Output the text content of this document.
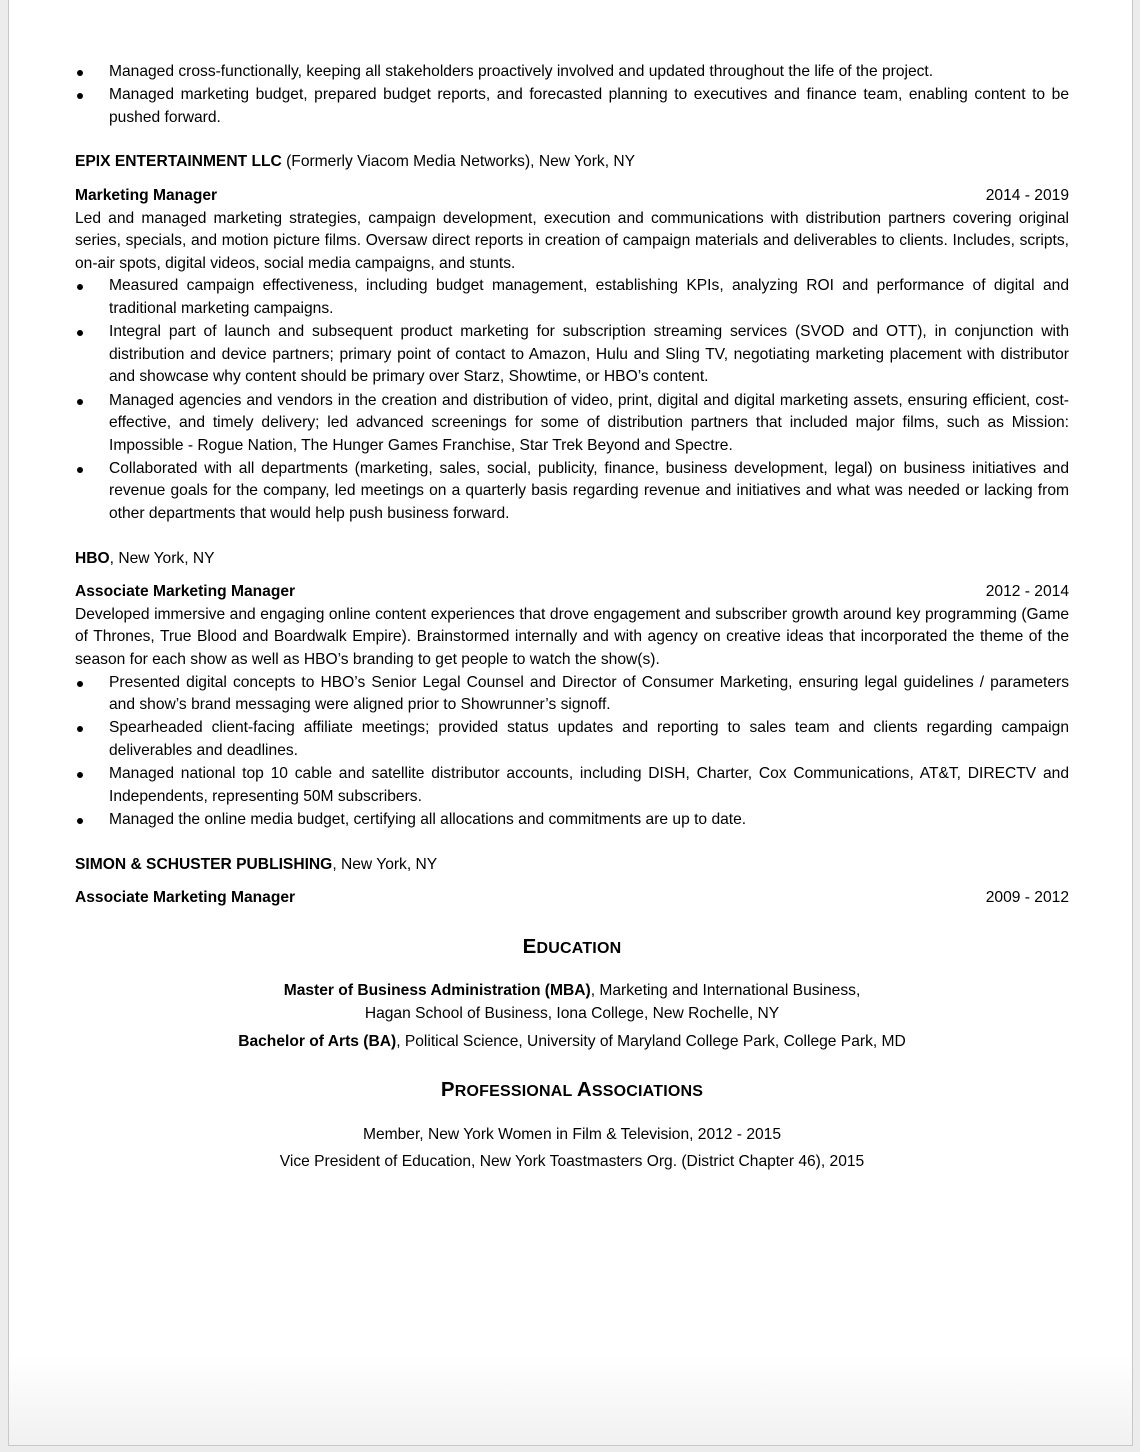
Managed cross-functionally, keeping all stakeholders proactively involved and updated throughout the life of the project.
Managed marketing budget, prepared budget reports, and forecasted planning to executives and finance team, enabling content to be pushed forward.
EPIX ENTERTAINMENT LLC (Formerly Viacom Media Networks), New York, NY
Marketing Manager	2014 - 2019
Led and managed marketing strategies, campaign development, execution and communications with distribution partners covering original series, specials, and motion picture films. Oversaw direct reports in creation of campaign materials and deliverables to clients. Includes, scripts, on-air spots, digital videos, social media campaigns, and stunts.
Measured campaign effectiveness, including budget management, establishing KPIs, analyzing ROI and performance of digital and traditional marketing campaigns.
Integral part of launch and subsequent product marketing for subscription streaming services (SVOD and OTT), in conjunction with distribution and device partners; primary point of contact to Amazon, Hulu and Sling TV, negotiating marketing placement with distributor and showcase why content should be primary over Starz, Showtime, or HBO’s content.
Managed agencies and vendors in the creation and distribution of video, print, digital and digital marketing assets, ensuring efficient, cost-effective, and timely delivery; led advanced screenings for some of distribution partners that included major films, such as Mission: Impossible - Rogue Nation, The Hunger Games Franchise, Star Trek Beyond and Spectre.
Collaborated with all departments (marketing, sales, social, publicity, finance, business development, legal) on business initiatives and revenue goals for the company, led meetings on a quarterly basis regarding revenue and initiatives and what was needed or lacking from other departments that would help push business forward.
HBO, New York, NY
Associate Marketing Manager	2012 - 2014
Developed immersive and engaging online content experiences that drove engagement and subscriber growth around key programming (Game of Thrones, True Blood and Boardwalk Empire). Brainstormed internally and with agency on creative ideas that incorporated the theme of the season for each show as well as HBO’s branding to get people to watch the show(s).
Presented digital concepts to HBO’s Senior Legal Counsel and Director of Consumer Marketing, ensuring legal guidelines / parameters and show’s brand messaging were aligned prior to Showrunner’s signoff.
Spearheaded client-facing affiliate meetings; provided status updates and reporting to sales team and clients regarding campaign deliverables and deadlines.
Managed national top 10 cable and satellite distributor accounts, including DISH, Charter, Cox Communications, AT&T, DIRECTV and Independents, representing 50M subscribers.
Managed the online media budget, certifying all allocations and commitments are up to date.
SIMON & SCHUSTER PUBLISHING, New York, NY
Associate Marketing Manager	2009 - 2012
EDUCATION
Master of Business Administration (MBA), Marketing and International Business,
Hagan School of Business, Iona College, New Rochelle, NY
Bachelor of Arts (BA), Political Science, University of Maryland College Park, College Park, MD
PROFESSIONAL ASSOCIATIONS
Member, New York Women in Film & Television, 2012 - 2015
Vice President of Education, New York Toastmasters Org. (District Chapter 46), 2015
